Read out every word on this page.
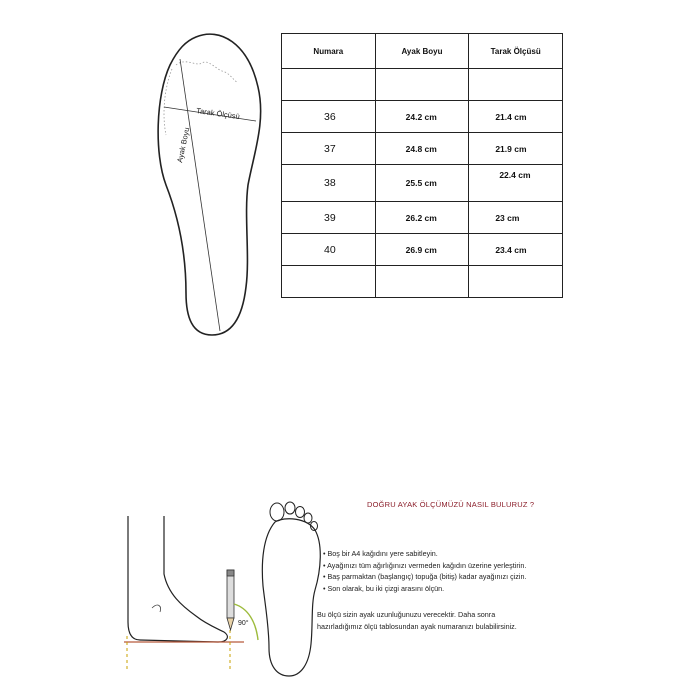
Tarak Ölçüsü
Ayak Boyu
Numara	Ayak Boyu	Tarak Ölçüsü

36	24.2 cm	21.4 cm
37	24.8 cm	21.9 cm
38	25.5 cm	22.4 cm
39	26.2 cm	23 cm
40	26.9 cm	23.4 cm

DOĞRU AYAK ÖLÇÜMÜZÜ NASIL BULURUZ ?
90°
• Boş bir A4 kağıdını yere sabitleyin.
• Ayağınızı tüm ağırlığınızı vermeden kağıdın üzerine yerleştirin.
• Baş parmaktan (başlangıç) topuğa (bitiş) kadar ayağınızı çizin.
• Son olarak, bu iki çizgi arasını ölçün.

Bu ölçü sizin ayak uzunluğunuzu verecektir. Daha sonra
hazırladığımız ölçü tablosundan ayak numaranızı bulabilirsiniz.
